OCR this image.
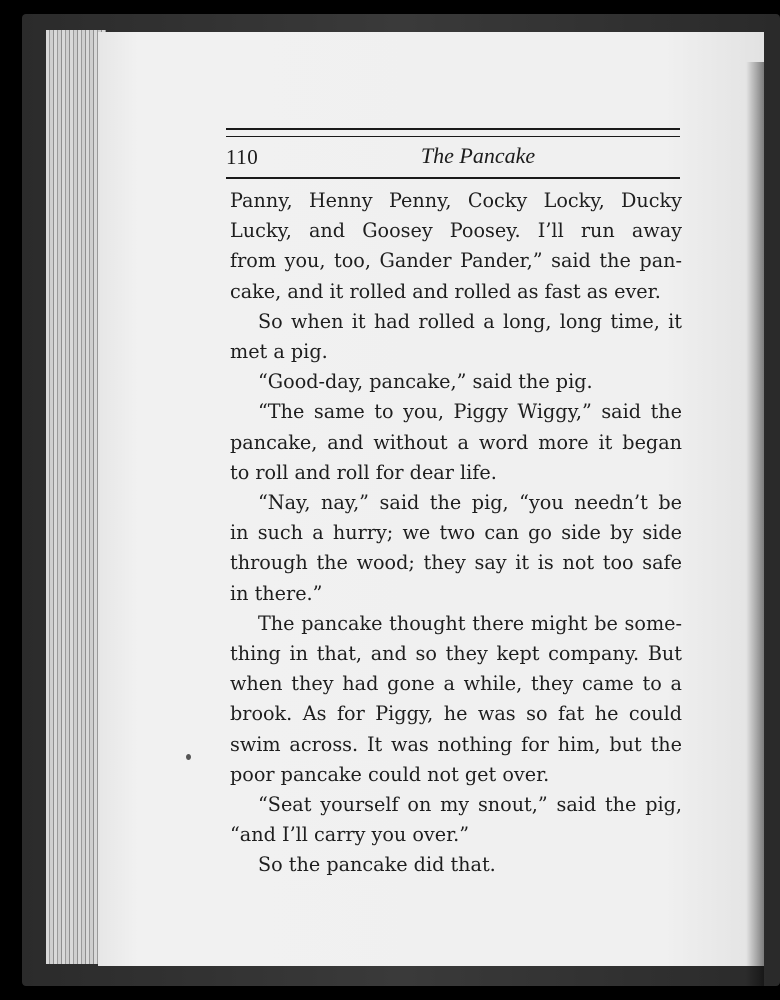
110	The Pancake
Panny, Henny Penny, Cocky Locky, Ducky
Lucky, and Goosey Poosey. I’ll run away
from you, too, Gander Pander,” said the pan-
cake, and it rolled and rolled as fast as ever.
So when it had rolled a long, long time, it
met a pig.
“Good-day, pancake,” said the pig.
“The same to you, Piggy Wiggy,” said the
pancake, and without a word more it began
to roll and roll for dear life.
“Nay, nay,” said the pig, “you needn’t be
in such a hurry; we two can go side by side
through the wood; they say it is not too safe
in there.”
The pancake thought there might be some-
thing in that, and so they kept company. But
when they had gone a while, they came to a
brook. As for Piggy, he was so fat he could
swim across. It was nothing for him, but the
poor pancake could not get over.
“Seat yourself on my snout,” said the pig,
“and I’ll carry you over.”
So the pancake did that.
